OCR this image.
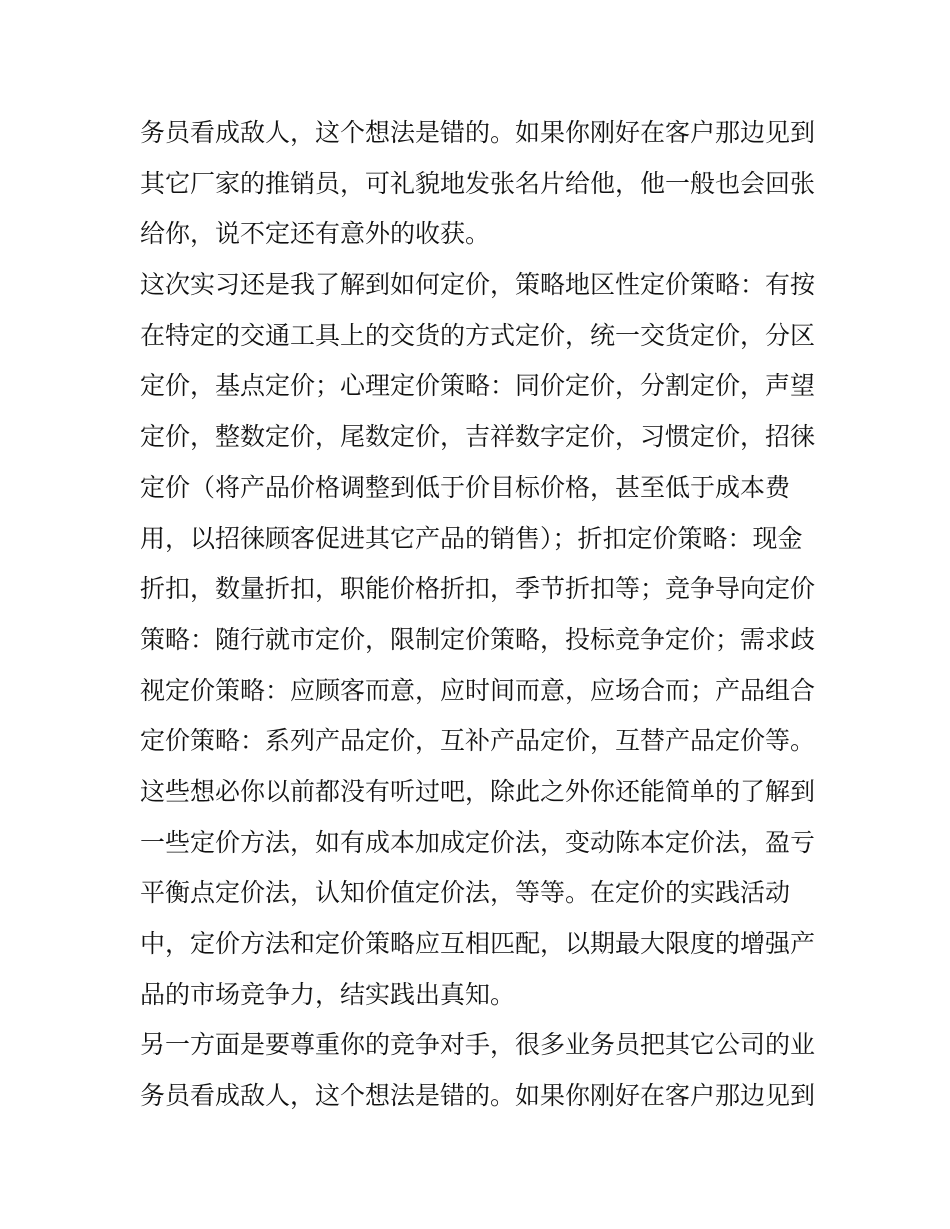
务员看成敌人，这个想法是错的。如果你刚好在客户那边见到
其它厂家的推销员，可礼貌地发张名片给他，他一般也会回张
给你，说不定还有意外的收获。
这次实习还是我了解到如何定价，策略地区性定价策略：有按
在特定的交通工具上的交货的方式定价，统一交货定价，分区
定价，基点定价；心理定价策略：同价定价，分割定价，声望
定价，整数定价，尾数定价，吉祥数字定价，习惯定价，招徕
定价（将产品价格调整到低于价目标价格，甚至低于成本费
用，以招徕顾客促进其它产品的销售）；折扣定价策略：现金
折扣，数量折扣，职能价格折扣，季节折扣等；竞争导向定价
策略：随行就市定价，限制定价策略，投标竞争定价；需求歧
视定价策略：应顾客而意，应时间而意，应场合而；产品组合
定价策略：系列产品定价，互补产品定价，互替产品定价等。
这些想必你以前都没有听过吧，除此之外你还能简单的了解到
一些定价方法，如有成本加成定价法，变动陈本定价法，盈亏
平衡点定价法，认知价值定价法，等等。在定价的实践活动
中，定价方法和定价策略应互相匹配，以期最大限度的增强产
品的市场竞争力，结实践出真知。
另一方面是要尊重你的竞争对手，很多业务员把其它公司的业
务员看成敌人，这个想法是错的。如果你刚好在客户那边见到
